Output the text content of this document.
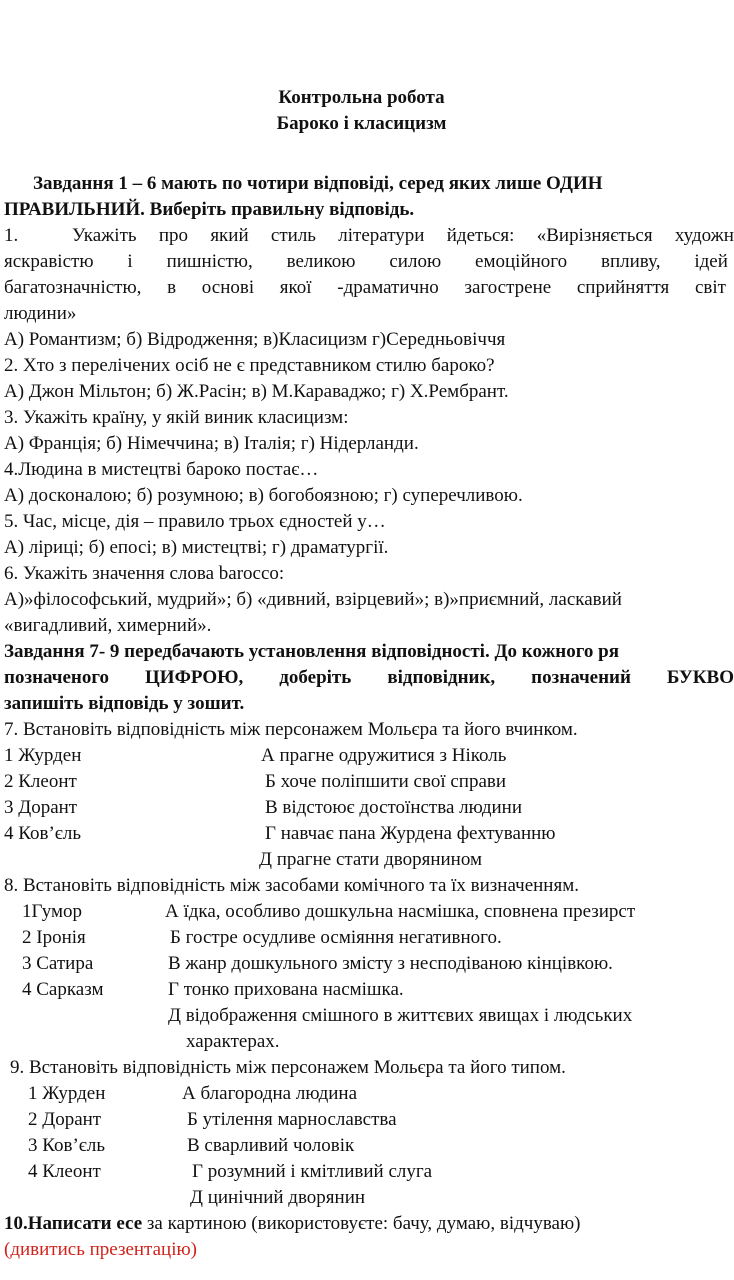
Контрольна робота
Бароко і класицизм
Завдання 1 – 6 мають по чотири відповіді, серед яких лише ОДИН
ПРАВИЛЬНИЙ. Виберіть правильну відповідь.
1.	Укажіть про який стиль літератури йдеться: «Вирізняється художн
яскравістю і пишністю, великою силою емоційного впливу, ідей
багатозначністю, в основі якої -драматично загострене сприйняття світ
людини»
А) Романтизм; б) Відродження; в)Класицизм г)Середньовіччя
2. Хто з перелічених осіб не є представником стилю бароко?
А) Джон Мільтон; б) Ж.Расін; в) М.Караваджо; г) Х.Рембрант.
3. Укажіть країну, у якій виник класицизм:
А) Франція; б) Німеччина; в) Італія; г) Нідерланди.
4.Людина в мистецтві бароко постає…
А) досконалою; б) розумною; в) богобоязною; г) суперечливою.
5. Час, місце, дія – правило трьох єдностей у…
А) ліриці; б) епосі; в) мистецтві; г) драматургії.
6. Укажіть значення слова barocco:
А)»філософський, мудрий»; б) «дивний, взірцевий»; в)»приємний, ласкавий
«вигадливий, химерний».
Завдання 7- 9 передбачають установлення відповідності. До кожного ря
позначеного ЦИФРОЮ, доберіть відповідник, позначений БУКВО
запишіть відповідь у зошит.
7. Встановіть відповідність між персонажем Мольєра та його вчинком.
1 Журден	А прагне одружитися з Ніколь
2 Клеонт	Б хоче поліпшити свої справи
3 Дорант	В відстоює достоїнства людини
4 Ков’єль	Г навчає пана Журдена фехтуванню
Д прагне стати дворянином
8. Встановіть відповідність між засобами комічного та їх визначенням.
1Гумор	А їдка, особливо дошкульна насмішка, сповнена презирст
2 Іронія	Б гостре осудливе осміяння негативного.
3 Сатира	В жанр дошкульного змісту з несподіваною кінцівкою.
4 Сарказм	Г тонко прихована насмішка.
Д відображення смішного в життєвих явищах і людських
характерах.
9. Встановіть відповідність між персонажем Мольєра та його типом.
1 Журден	А благородна людина
2 Дорант	Б утілення марнославства
3 Ков’єль	В сварливий чоловік
4 Клеонт	Г розумний і кмітливий слуга
Д цинічний дворянин
10.Написати есе за картиною (використовуєте: бачу, думаю, відчуваю)
(дивитись презентацію)
